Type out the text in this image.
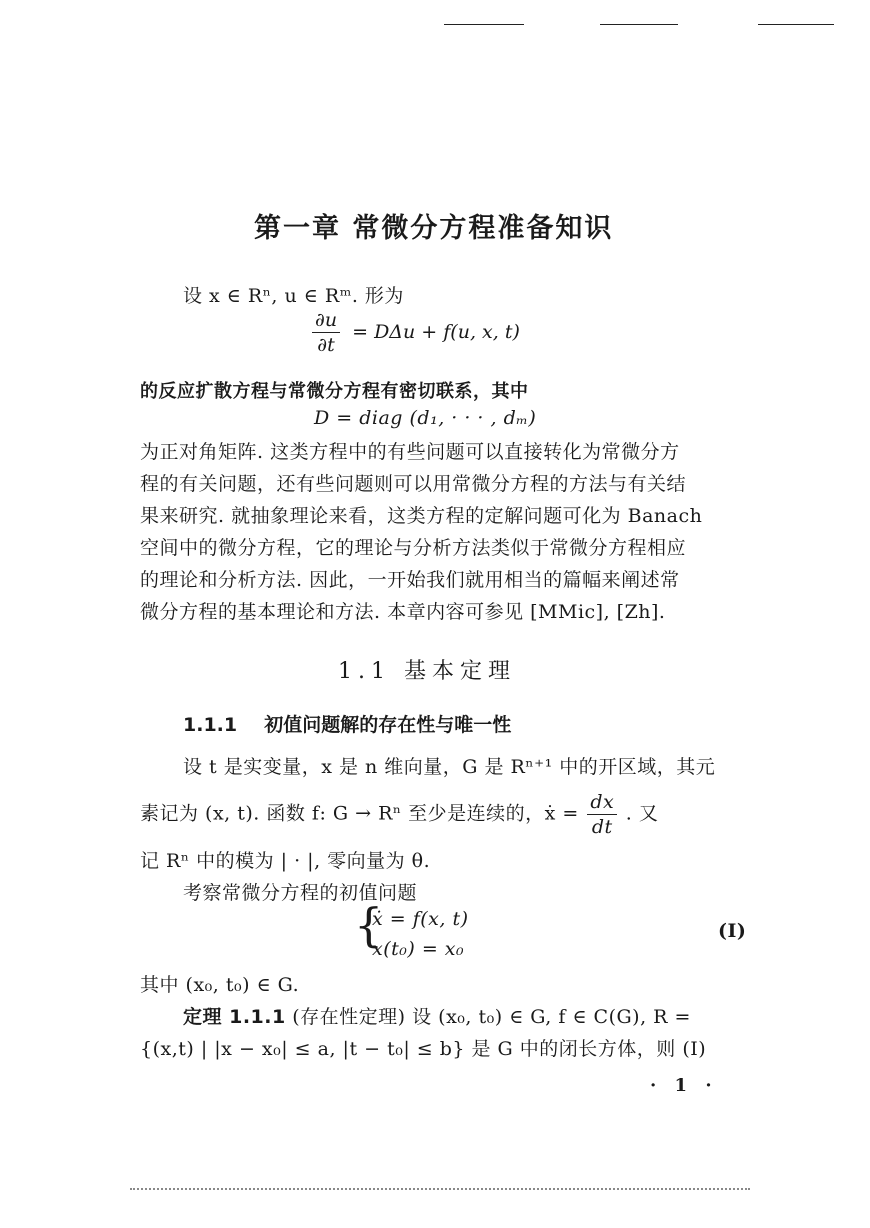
第一章 常微分方程准备知识
设 x ∈ Rⁿ, u ∈ Rᵐ. 形为
$\frac{\partial u}{\partial t} = D\Delta u + f(u$, x, t)
的反应扩散方程与常微分方程有密切联系，其中
D = diag (d₁, · · · , dₘ)
为正对角矩阵. 这类方程中的有些问题可以直接转化为常微分方
程的有关问题，还有些问题则可以用常微分方程的方法与有关结
果来研究. 就抽象理论来看，这类方程的定解问题可化为 Banach
空间中的微分方程，它的理论与分析方法类似于常微分方程相应
的理论和分析方法. 因此，一开始我们就用相当的篇幅来阐述常
微分方程的基本理论和方法. 本章内容可参见 [MMic], [Zh].
1.1 基本定理
1.1.1 初值问题解的存在性与唯一性
设 t 是实变量，x 是 n 维向量，G 是 Rⁿ⁺¹ 中的开区域，其元
素记为 (x, t). 函数 f: G → Rⁿ 至少是连续的，ẋ = $\frac{dx}{dt}$ . 又
记 Rⁿ 中的模为 | · |, 零向量为 θ.
考察常微分方程的初值问题
{
ẋ = f(x, t)
x(t₀) = x₀
(I)
其中 (x₀, t₀) ∈ G.
定理 1.1.1 (存在性定理) 设 (x₀, t₀) ∈ G, f ∈ C(G), R =
{(x,t) | |x − x₀| ≤ a, |t − t₀| ≤ b} 是 G 中的闭长方体，则 (I)
· 1 ·
